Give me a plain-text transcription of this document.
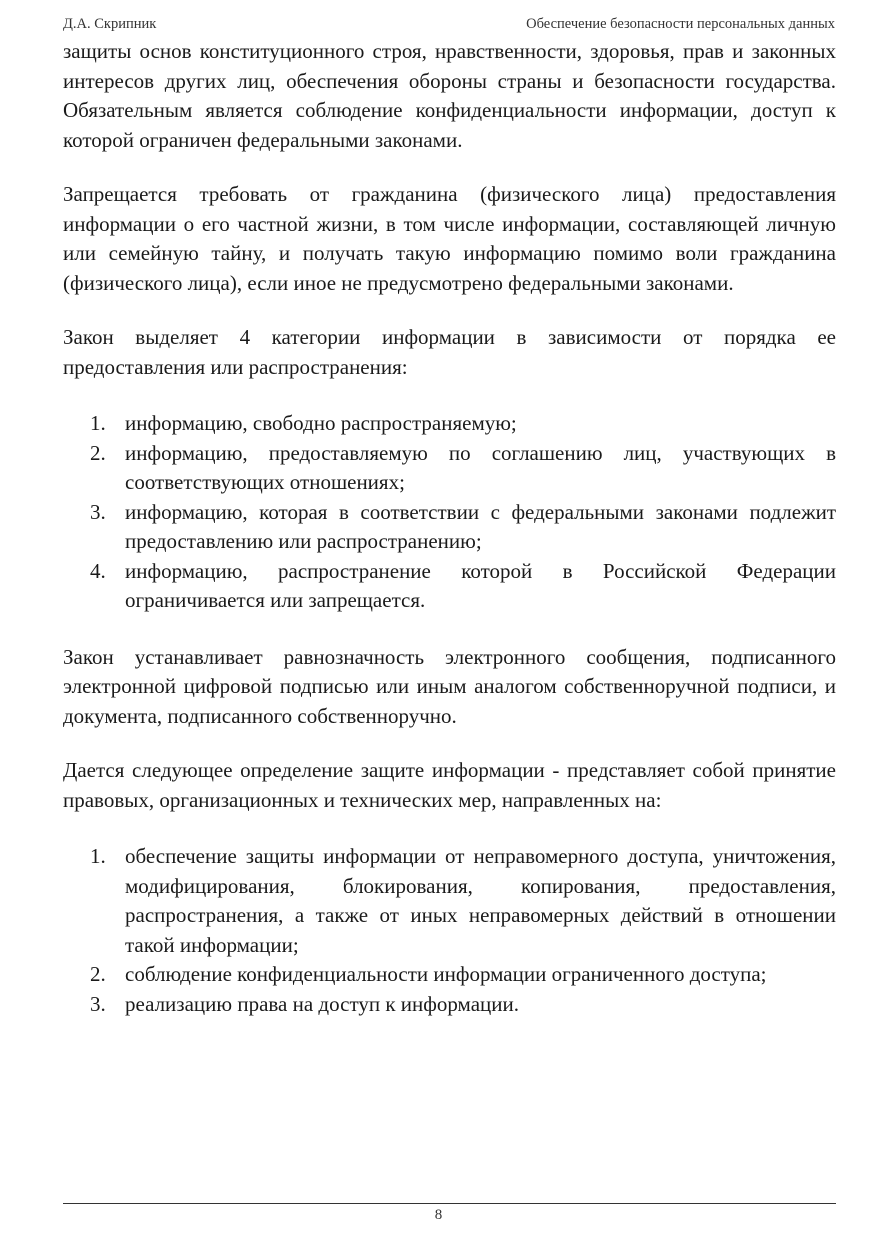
Д.А. Скрипник	Обеспечение безопасности персональных данных

защиты основ конституционного строя, нравственности, здоровья, прав и законных интересов других лиц, обеспечения обороны страны и безопасности государства. Обязательным является соблюдение конфиденциальности информации, доступ к которой ограничен федеральными законами.

Запрещается требовать от гражданина (физического лица) предоставления информации о его частной жизни, в том числе информации, составляющей личную или семейную тайну, и получать такую информацию помимо воли гражданина (физического лица), если иное не предусмотрено федеральными законами.

Закон выделяет 4 категории информации в зависимости от порядка ее предоставления или распространения:

1. информацию, свободно распространяемую;
2. информацию, предоставляемую по соглашению лиц, участвующих в соответствующих отношениях;
3. информацию, которая в соответствии с федеральными законами подлежит предоставлению или распространению;
4. информацию, распространение которой в Российской Федерации ограничивается или запрещается.

Закон устанавливает равнозначность электронного сообщения, подписанного электронной цифровой подписью или иным аналогом собственноручной подписи, и документа, подписанного собственноручно.

Дается следующее определение защите информации - представляет собой принятие правовых, организационных и технических мер, направленных на:

1. обеспечение защиты информации от неправомерного доступа, уничтожения, модифицирования, блокирования, копирования, предоставления, распространения, а также от иных неправомерных действий в отношении такой информации;
2. соблюдение конфиденциальности информации ограниченного доступа;
3. реализацию права на доступ к информации.
8
